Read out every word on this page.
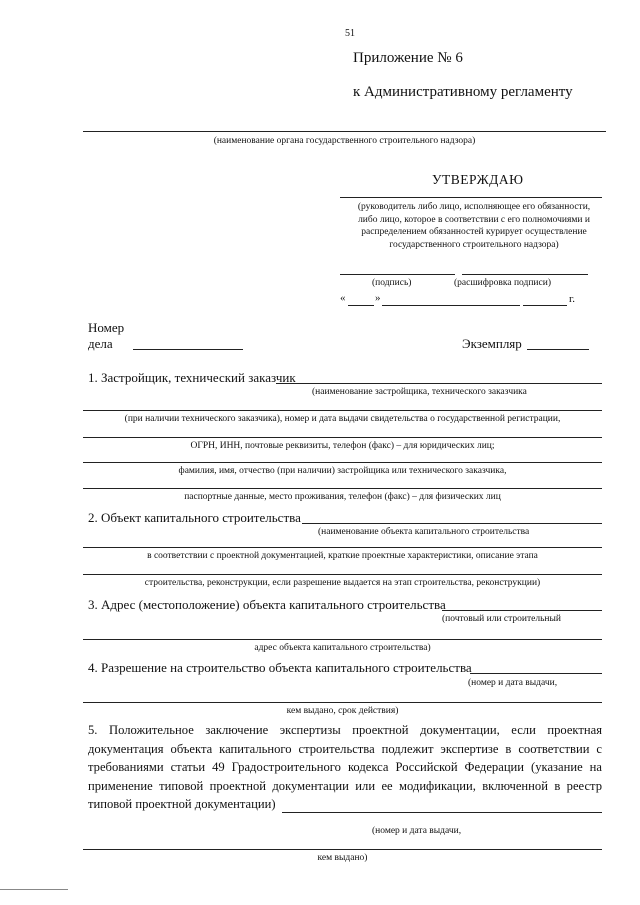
51
Приложение № 6
к Административному регламенту
(наименование органа государственного строительного надзора)
УТВЕРЖДАЮ
(руководитель либо лицо, исполняющее его обязанности, либо лицо, которое в соответствии с его полномочиями и распределением обязанностей курирует осуществление государственного строительного надзора)
(подпись)	(расшифровка подписи)
«	»	г.
Номер
дела	Экземпляр
1. Застройщик, технический заказчик
(наименование застройщика, технического заказчика
(при наличии технического заказчика), номер и дата выдачи свидетельства о государственной регистрации,
ОГРН, ИНН, почтовые реквизиты, телефон (факс) – для юридических лиц;
фамилия, имя, отчество (при наличии) застройщика или технического заказчика,
паспортные данные, место проживания, телефон (факс) – для физических лиц
2. Объект капитального строительства
(наименование объекта капитального строительства
в соответствии с проектной документацией, краткие проектные характеристики, описание этапа
строительства, реконструкции, если разрешение выдается на этап строительства, реконструкции)
3. Адрес (местоположение) объекта капитального строительства
(почтовый или строительный
адрес объекта капитального строительства)
4. Разрешение на строительство объекта капитального строительства
(номер и дата выдачи,
кем выдано, срок действия)
5. Положительное заключение экспертизы проектной документации, если проектная документация объекта капитального строительства подлежит экспертизе в соответствии с требованиями статьи 49 Градостроительного кодекса Российской Федерации (указание на применение типовой проектной документации или ее модификации, включенной в реестр типовой проектной документации)
(номер и дата выдачи,
кем выдано)
